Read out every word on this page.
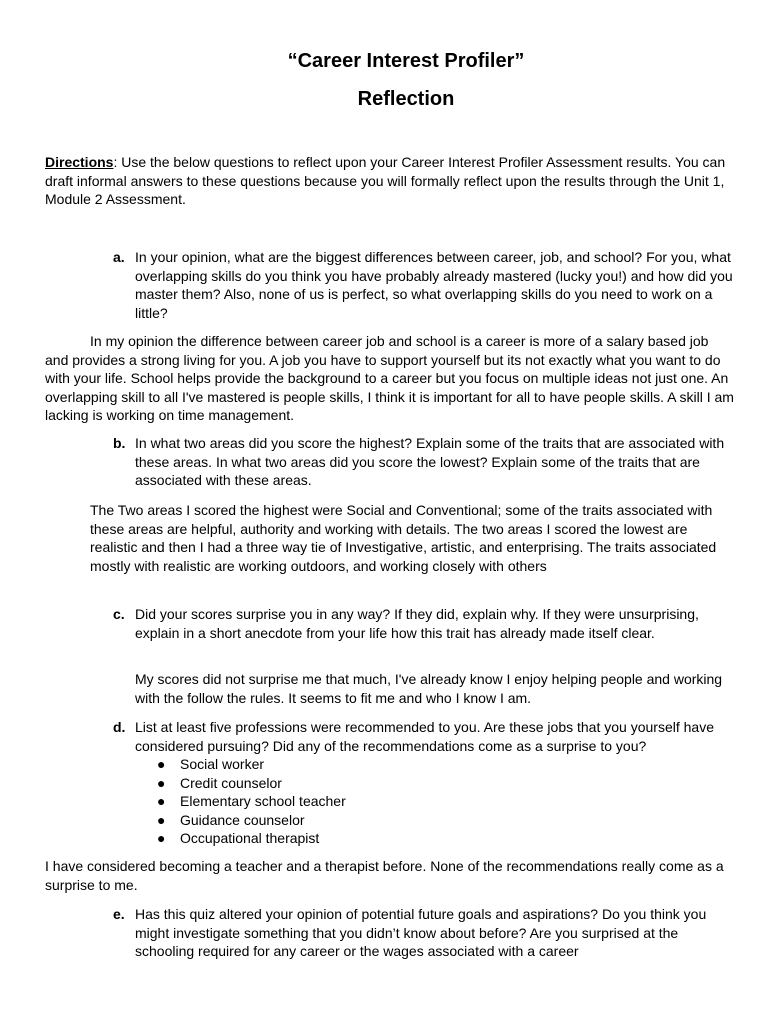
“Career Interest Profiler”
Reflection

Directions: Use the below questions to reflect upon your Career Interest Profiler Assessment results. You can draft informal answers to these questions because you will formally reflect upon the results through the Unit 1, Module 2 Assessment.

a. In your opinion, what are the biggest differences between career, job, and school? For you, what overlapping skills do you think you have probably already mastered (lucky you!) and how did you master them? Also, none of us is perfect, so what overlapping skills do you need to work on a little?

In my opinion the difference between career job and school is a career is more of a salary based job and provides a strong living for you. A job you have to support yourself but its not exactly what you want to do with your life. School helps provide the background to a career but you focus on multiple ideas not just one. An overlapping skill to all I've mastered is people skills, I think it is important for all to have people skills. A skill I am lacking is working on time management.

b. In what two areas did you score the highest? Explain some of the traits that are associated with these areas. In what two areas did you score the lowest? Explain some of the traits that are associated with these areas.

The Two areas I scored the highest were Social and Conventional; some of the traits associated with these areas are helpful, authority and working with details. The two areas I scored the lowest are realistic and then I had a three way tie of Investigative, artistic, and enterprising. The traits associated mostly with realistic are working outdoors, and working closely with others

c. Did your scores surprise you in any way? If they did, explain why. If they were unsurprising, explain in a short anecdote from your life how this trait has already made itself clear.

My scores did not surprise me that much, I've already know I enjoy helping people and working with the follow the rules. It seems to fit me and who I know I am.

d. List at least five professions were recommended to you. Are these jobs that you yourself have considered pursuing? Did any of the recommendations come as a surprise to you?
● Social worker
● Credit counselor
● Elementary school teacher
● Guidance counselor
● Occupational therapist

I have considered becoming a teacher and a therapist before. None of the recommendations really come as a surprise to me.

e. Has this quiz altered your opinion of potential future goals and aspirations? Do you think you might investigate something that you didn’t know about before? Are you surprised at the schooling required for any career or the wages associated with a career
